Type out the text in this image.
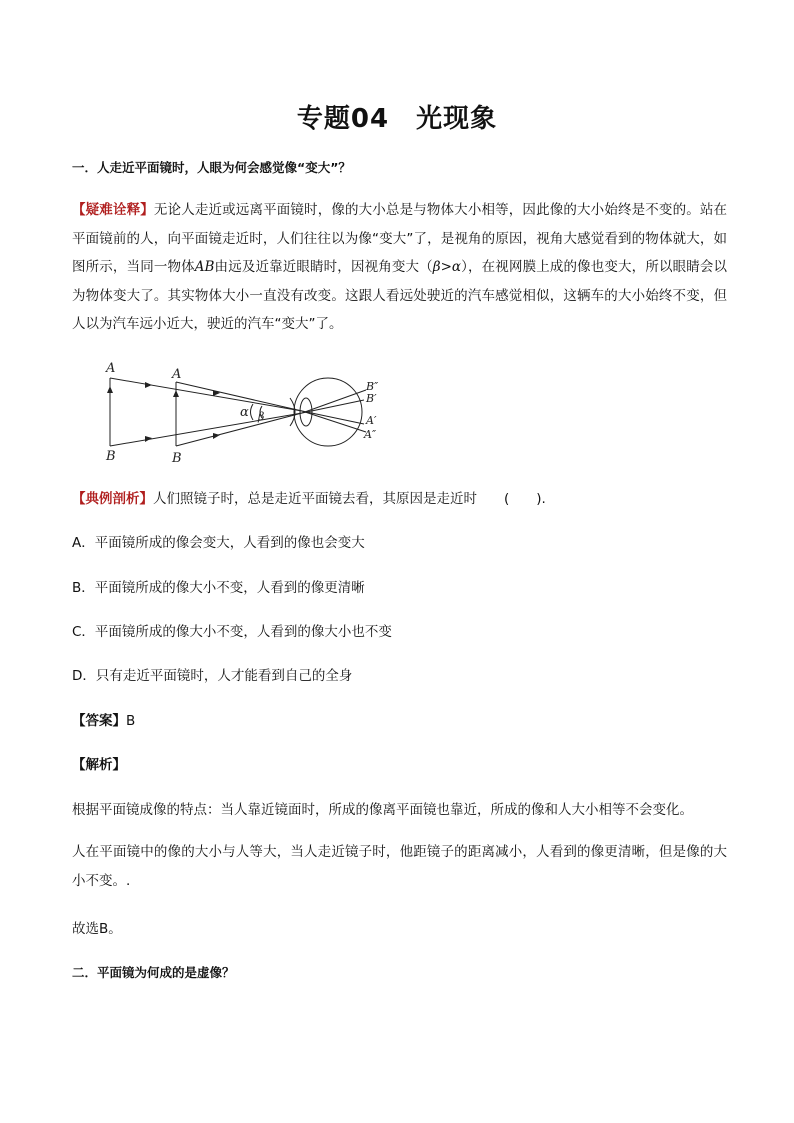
专题04　光现象
一．人走近平面镜时，人眼为何会感觉像“变大”？
【疑难诠释】无论人走近或远离平面镜时，像的大小总是与物体大小相等，因此像的大小始终是不变的。站在平面镜前的人，向平面镜走近时，人们往往以为像“变大”了，是视角的原因，视角大感觉看到的物体就大，如图所示，当同一物体AB由远及近靠近眼睛时，因视角变大（β>α），在视网膜上成的像也变大，所以眼睛会以为物体变大了。其实物体大小一直没有改变。这跟人看远处驶近的汽车感觉相似，这辆车的大小始终不变，但人以为汽车远小近大，驶近的汽车“变大”了。
A
B
A
B
α β
B″
B′
A′
A″
【典例剖析】人们照镜子时，总是走近平面镜去看，其原因是走近时　　(　　).
A．平面镜所成的像会变大，人看到的像也会变大
B．平面镜所成的像大小不变，人看到的像更清晰
C．平面镜所成的像大小不变，人看到的像大小也不变
D．只有走近平面镜时，人才能看到自己的全身
【答案】B
【解析】
根据平面镜成像的特点：当人靠近镜面时，所成的像离平面镜也靠近，所成的像和人大小相等不会变化。
人在平面镜中的像的大小与人等大，当人走近镜子时，他距镜子的距离减小，人看到的像更清晰，但是像的大小不变。.
故选B。
二．平面镜为何成的是虚像？
